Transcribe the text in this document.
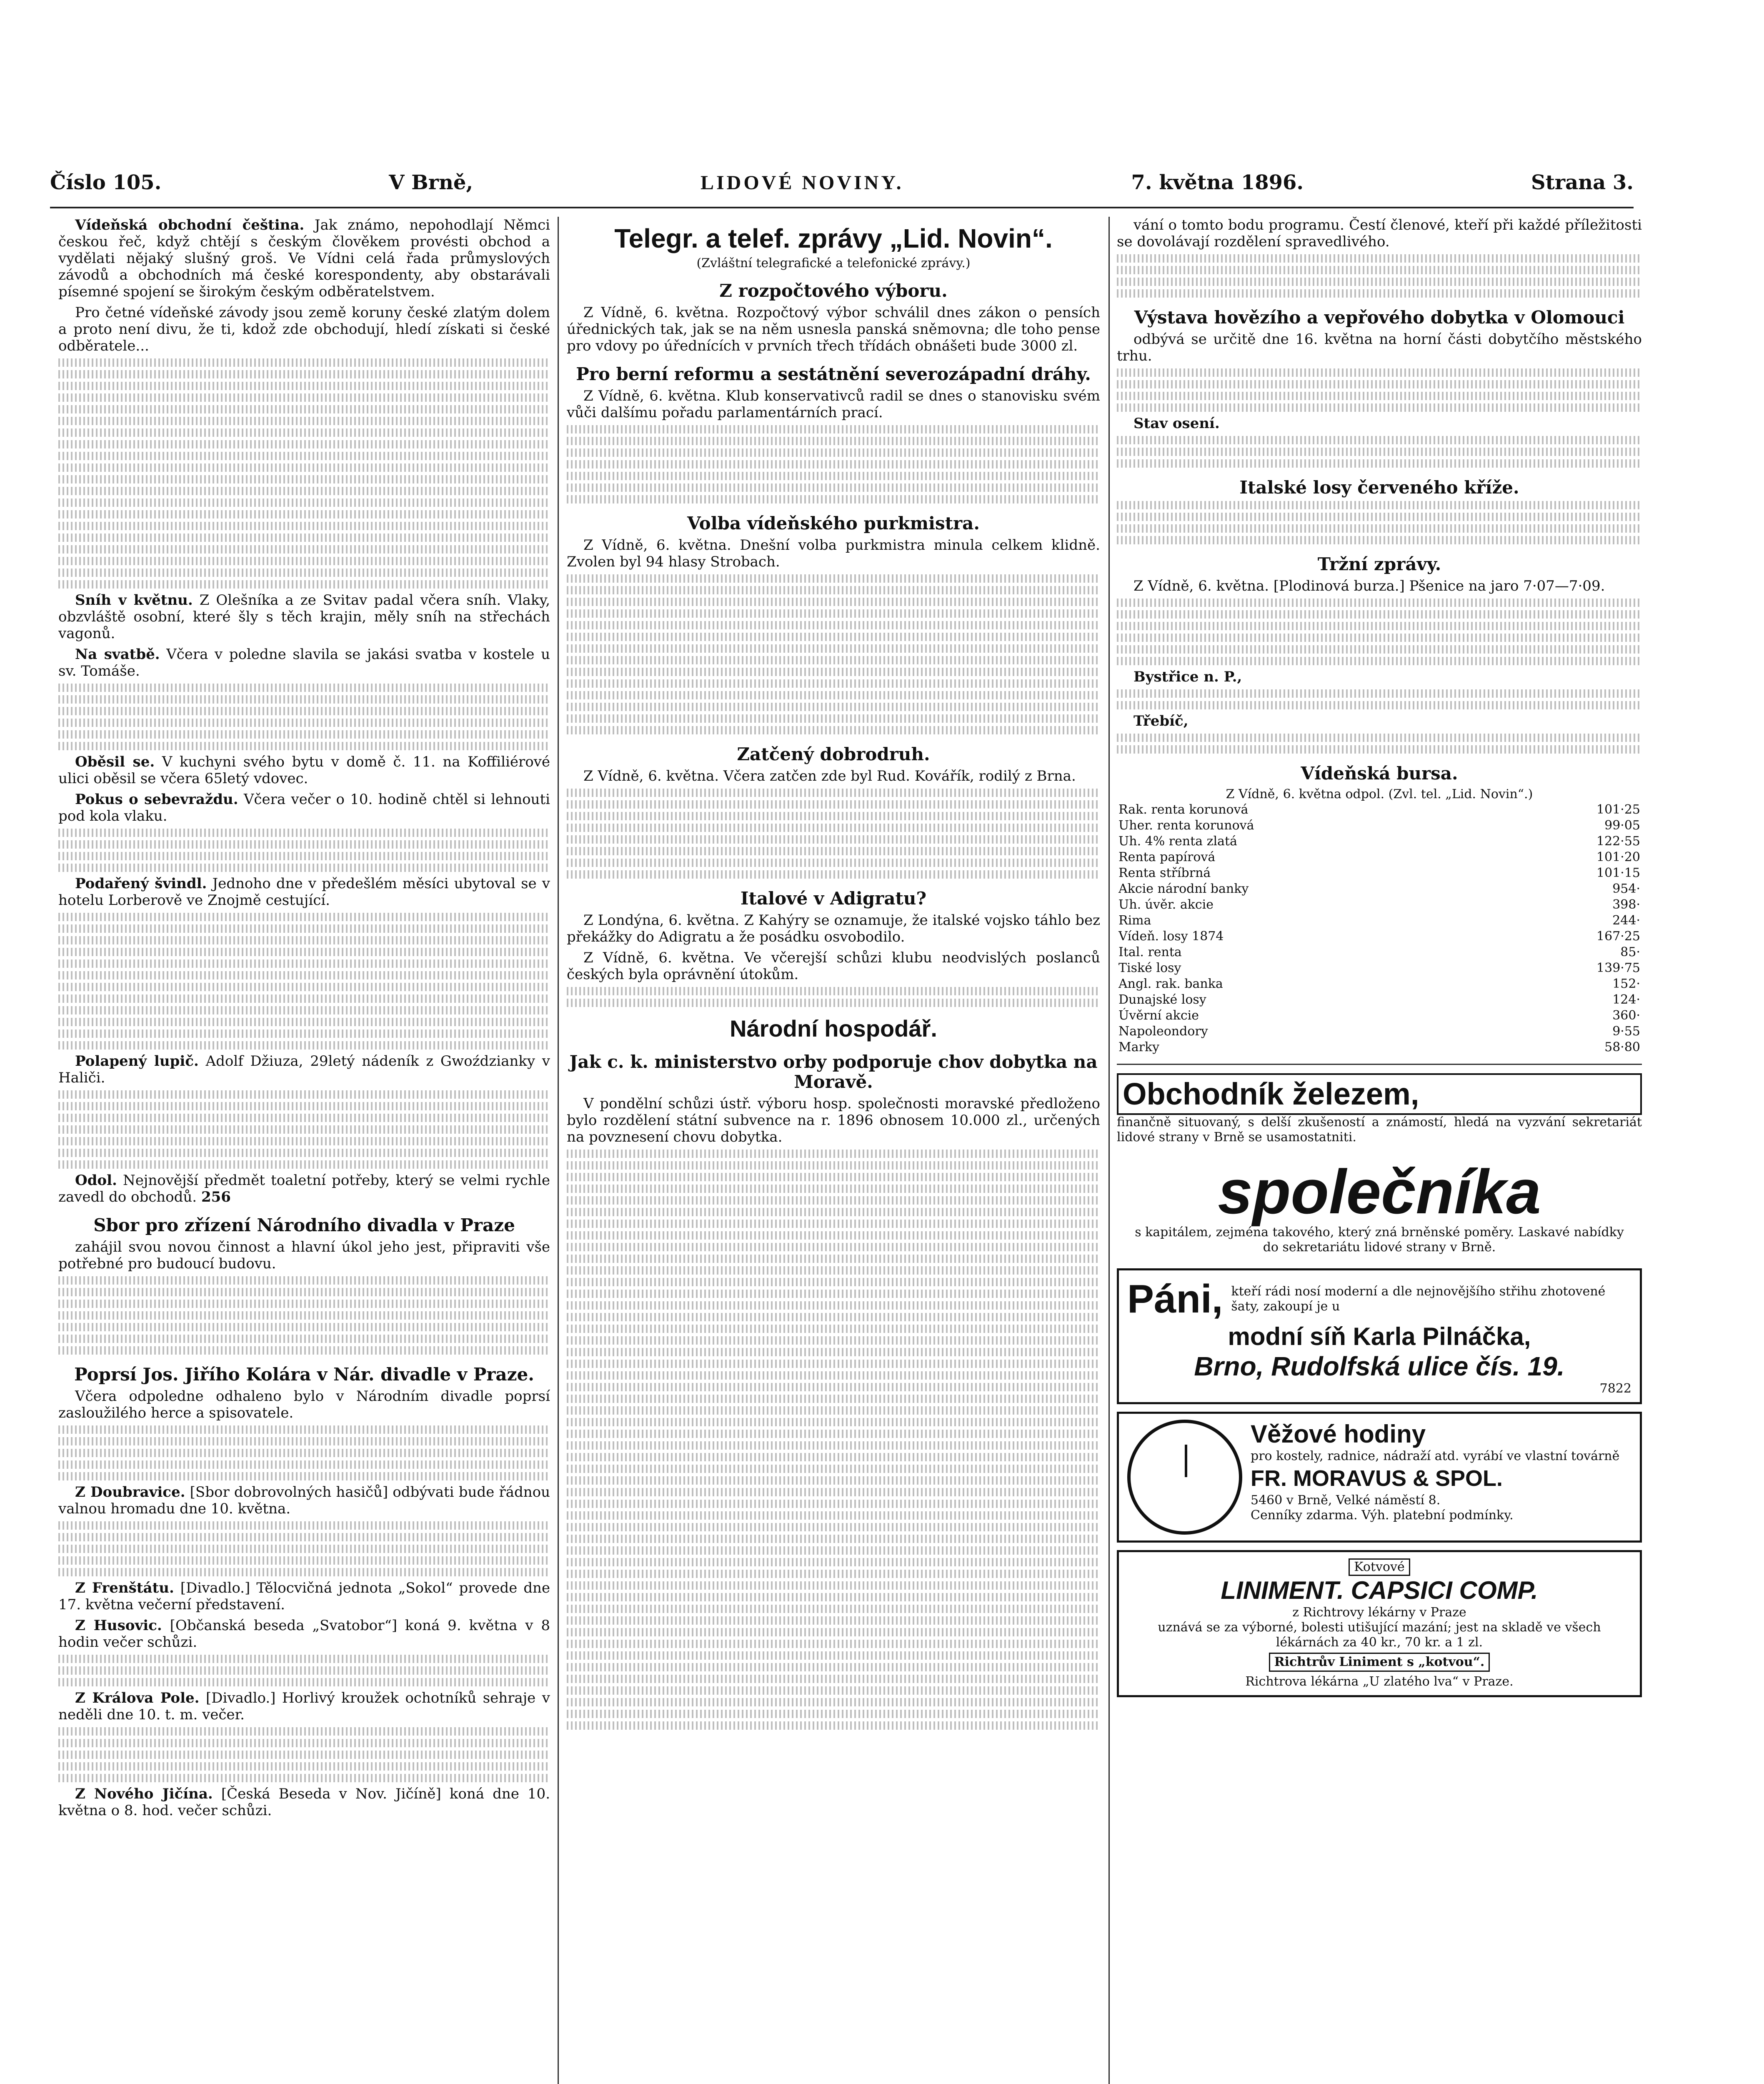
Číslo 105.	V Brně,	LIDOVÉ NOVINY.	7. května 1896.	Strana 3.

Vídeňská obchodní čeština. Jak známo, nepohodlají Němci českou řeč, když chtějí s českým člověkem provésti obchod a vydělati nějaký slušný groš. Ve Vídni celá řada průmyslových závodů a obchodních má české korespondenty, aby obstarávali písemné spojení se širokým českým odběratelstvem.

Pro četné vídeňské závody jsou země koruny české zlatým dolem a proto není divu, že ti, kdož zde obchodují, hledí získati si české odběratele...

Sníh v květnu. Z Olešníka a ze Svitav padal včera sníh. Vlaky, obzvláště osobní, které šly s těch krajin, měly sníh na střechách vagonů.

Na svatbě. Včera v poledne slavila se jakási svatba v kostele u sv. Tomáše.

Oběsil se. V kuchyni svého bytu v domě č. 11. na Koffiliérové ulici oběsil se včera 65letý vdovec.

Pokus o sebevraždu. Včera večer o 10. hodině chtěl si lehnouti pod kola vlaku.

Podařený švindl. Jednoho dne v předešlém měsíci ubytoval se v hotelu Lorberově ve Znojmě cestující.

Polapený lupič. Adolf Džiuza, 29letý nádeník z Gwoździanky v Haliči.

Odol. Nejnovější předmět toaletní potřeby, který se velmi rychle zavedl do obchodů. 256

Sbor pro zřízení Národního divadla v Praze

zahájil svou novou činnost a hlavní úkol jeho jest, připraviti vše potřebné pro budoucí budovu.

Poprsí Jos. Jiřího Kolára v Nár. divadle v Praze.

Včera odpoledne odhaleno bylo v Národním divadle poprsí zasloužilého herce a spisovatele.

Z Doubravice. [Sbor dobrovolných hasičů] odbývati bude řádnou valnou hromadu dne 10. května.

Z Frenštátu. [Divadlo.] Tělocvičná jednota „Sokol“ provede dne 17. května večerní představení.

Z Husovic. [Občanská beseda „Svatobor“] koná 9. května v 8 hodin večer schůzi.

Z Králova Pole. [Divadlo.] Horlivý kroužek ochotníků sehraje v neděli dne 10. t. m. večer.

Z Nového Jičína. [Česká Beseda v Nov. Jičíně] koná dne 10. května o 8. hod. večer schůzi.

Telegr. a telef. zprávy „Lid. Novin“.
(Zvláštní telegrafické a telefonické zprávy.)
Z rozpočtového výboru.

Z Vídně, 6. května. Rozpočtový výbor schválil dnes zákon o pensích úřednických tak, jak se na něm usnesla panská sněmovna; dle toho pense pro vdovy po úřednících v prvních třech třídách obnášeti bude 3000 zl.

Pro berní reformu a sestátnění severozápadní dráhy.

Z Vídně, 6. května. Klub konservativců radil se dnes o stanovisku svém vůči dalšímu pořadu parlamentárních prací.

Volba vídeňského purkmistra.

Z Vídně, 6. května. Dnešní volba purkmistra minula celkem klidně. Zvolen byl 94 hlasy Strobach.

Zatčený dobrodruh.

Z Vídně, 6. května. Včera zatčen zde byl Rud. Kovářík, rodilý z Brna.

Italové v Adigratu?

Z Londýna, 6. května. Z Kahýry se oznamuje, že italské vojsko táhlo bez překážky do Adigratu a že posádku osvobodilo.

Z Vídně, 6. května. Ve včerejší schůzi klubu neodvislých poslanců českých byla oprávnění útokům.

Národní hospodář.
Jak c. k. ministerstvo orby podporuje chov dobytka na Moravě.

V pondělní schůzi ústř. výboru hosp. společnosti moravské předloženo bylo rozdělení státní subvence na r. 1896 obnosem 10.000 zl., určených na povznesení chovu dobytka.

vání o tomto bodu programu. Čestí členové, kteří při každé příležitosti se dovolávají rozdělení spravedlivého.

Výstava hovězího a vepřového dobytka v Olomouci

odbývá se určitě dne 16. května na horní části dobytčího městského trhu.

Stav osení.

Italské losy červeného kříže.
Tržní zprávy.

Z Vídně, 6. května. [Plodinová burza.] Pšenice na jaro 7·07—7·09.

Bystřice n. P.,

Třebíč,

Vídeňská bursa.
Z Vídně, 6. května odpol. (Zvl. tel. „Lid. Novin“.)
Rak. renta korunová	101·25
Uher. renta korunová	99·05
Uh. 4% renta zlatá	122·55
Renta papírová	101·20
Renta stříbrná	101·15
Akcie národní banky	954·
Uh. úvěr. akcie	398·
Rima	244·
Vídeň. losy 1874	167·25
Ital. renta	85·
Tiské losy	139·75
Angl. rak. banka	152·
Dunajské losy	124·
Úvěrní akcie	360·
Napoleondory	9·55
Marky	58·80
Obchodník železem,
finančně situovaný, s delší zkušeností a známostí, hledá na vyzvání sekretariát lidové strany v Brně se usamostatniti.
společníka
s kapitálem, zejména takového, který zná brněnské poměry. Laskavé nabídky do sekretariátu lidové strany v Brně.
Páni, kteří rádi nosí moderní a dle nejnovějšího střihu zhotovené šaty, zakoupí je u
modní síň Karla Pilnáčka,
Brno, Rudolfská ulice čís. 19.
7822
Věžové hodiny
pro kostely, radnice, nádraží atd. vyrábí ve vlastní továrně
FR. MORAVUS & SPOL.
5460 v Brně, Velké náměstí 8.
Cenníky zdarma. Výh. platební podmínky.
Kotvové
LINIMENT. CAPSICI COMP.
z Richtrovy lékárny v Praze
uznává se za výborné, bolesti utišující mazání; jest na skladě ve všech lékárnách za 40 kr., 70 kr. a 1 zl.
Richtrův Liniment s „kotvou“.
Richtrova lékárna „U zlatého lva“ v Praze.
